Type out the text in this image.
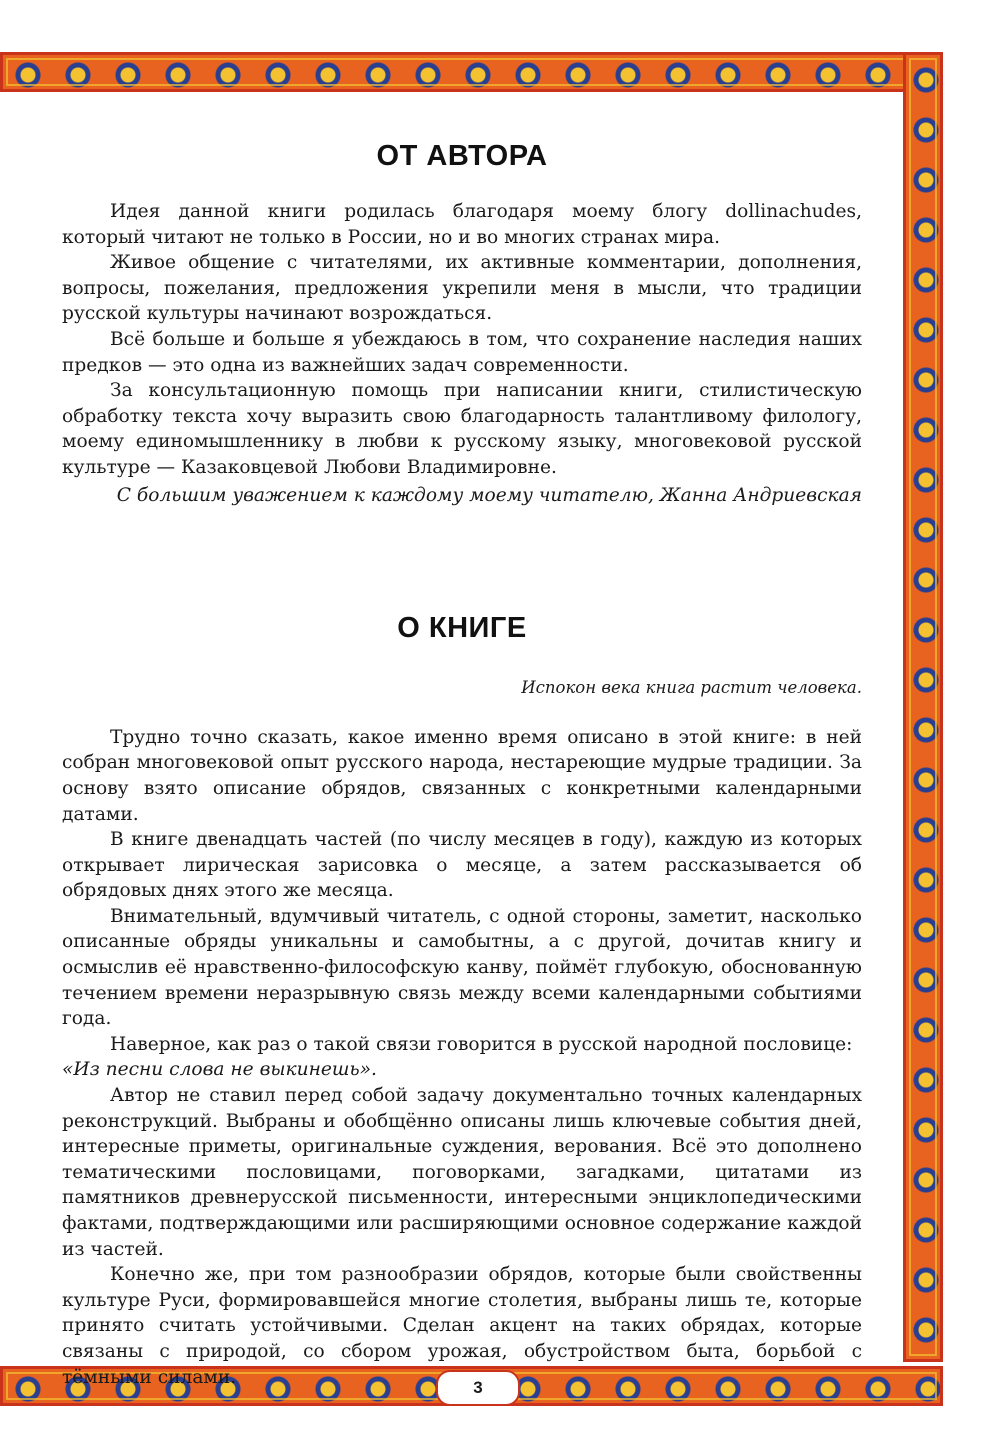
ОТ АВТОРА

Идея данной книги родилась благодаря моему блогу dollinachudes, который читают не только в России, но и во многих странах мира.

Живое общение с читателями, их активные комментарии, дополнения, вопросы, пожелания, предложения укрепили меня в мысли, что традиции русской культуры начинают возрождаться.

Всё больше и больше я убеждаюсь в том, что сохранение наследия наших предков — это одна из важнейших задач современности.

За консультационную помощь при написании книги, стилистическую обработку текста хочу выразить свою благодарность талантливому филологу, моему единомышленнику в любви к русскому языку, многовековой русской культуре — Казаковцевой Любови Владимировне.

С большим уважением к каждому моему читателю, Жанна Андриевская

О КНИГЕ

Испокон века книга растит человека.

Трудно точно сказать, какое именно время описано в этой книге: в ней собран многовековой опыт русского народа, нестареющие мудрые традиции. За основу взято описание обрядов, связанных с конкретными календарными датами.

В книге двенадцать частей (по числу месяцев в году), каждую из которых открывает лирическая зарисовка о месяце, а затем рассказывается об обрядовых днях этого же месяца.

Внимательный, вдумчивый читатель, с одной стороны, заметит, насколько описанные обряды уникальны и самобытны, а с другой, дочитав книгу и осмыслив её нравственно-философскую канву, поймёт глубокую, обоснованную течением времени неразрывную связь между всеми календарными событиями года.

Наверное, как раз о такой связи говорится в русской народной пословице:

«Из песни слова не выкинешь».

Автор не ставил перед собой задачу документально точных календарных реконструкций. Выбраны и обобщённо описаны лишь ключевые события дней, интересные приметы, оригинальные суждения, верования. Всё это дополнено тематическими пословицами, поговорками, загадками, цитатами из памятников древнерусской письменности, интересными энциклопедическими фактами, подтверждающими или расширяющими основное содержание каждой из частей.

Конечно же, при том разнообразии обрядов, которые были свойственны культуре Руси, формировавшейся многие столетия, выбраны лишь те, которые принято считать устойчивыми. Сделан акцент на таких обрядах, которые связаны с природой, со сбором урожая, обустройством быта, борьбой с тёмными силами.	3
